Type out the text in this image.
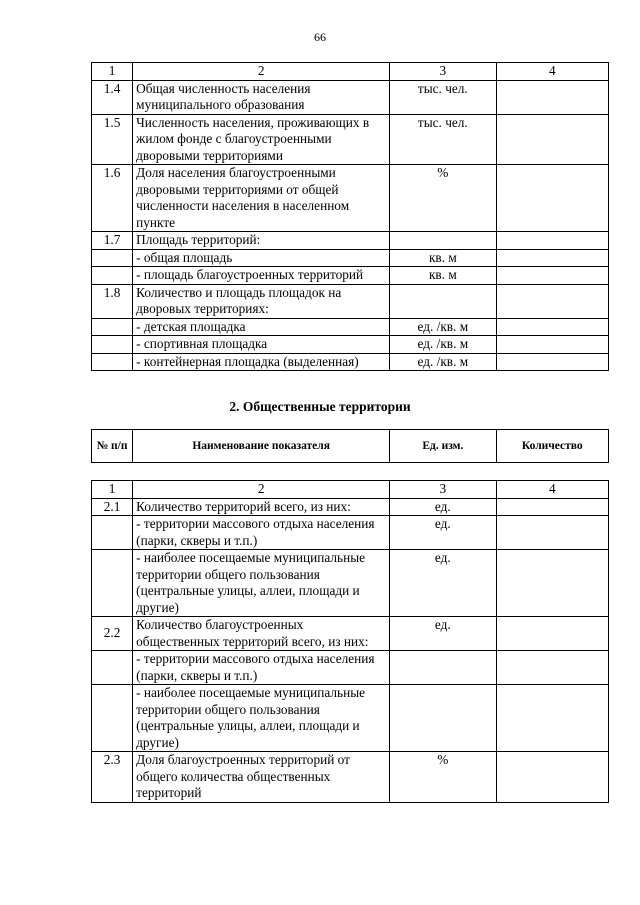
66
1	2	3	4
1.4	Общая численность населения муниципального образования	тыс. чел.	
1.5	Численность населения, проживающих в жилом фонде с благоустроенными дворовыми территориями	тыс. чел.	
1.6	Доля населения благоустроенными дворовыми территориями от общей численности населения в населенном пункте	%	
1.7	Площадь территорий:		
	- общая площадь	кв. м	
	- площадь благоустроенных территорий	кв. м	
1.8	Количество и площадь площадок на дворовых территориях:		
	- детская площадка	ед. /кв. м	
	- спортивная площадка	ед. /кв. м	
	- контейнерная площадка (выделенная)	ед. /кв. м	
2. Общественные территории
№ п/п	Наименование показателя	Ед. изм.	Количество
1	2	3	4
2.1	Количество территорий всего, из них:	ед.	
	- территории массового отдыха населения (парки, скверы и т.п.)	ед.	
	- наиболее посещаемые муниципальные территории общего пользования (центральные улицы, аллеи, площади и другие)	ед.	
2.2	Количество благоустроенных общественных территорий всего, из них:	ед.	
	- территории массового отдыха населения (парки, скверы и т.п.)		
	- наиболее посещаемые муниципальные территории общего пользования (центральные улицы, аллеи, площади и другие)		
2.3	Доля благоустроенных территорий от общего количества общественных территорий	%	
